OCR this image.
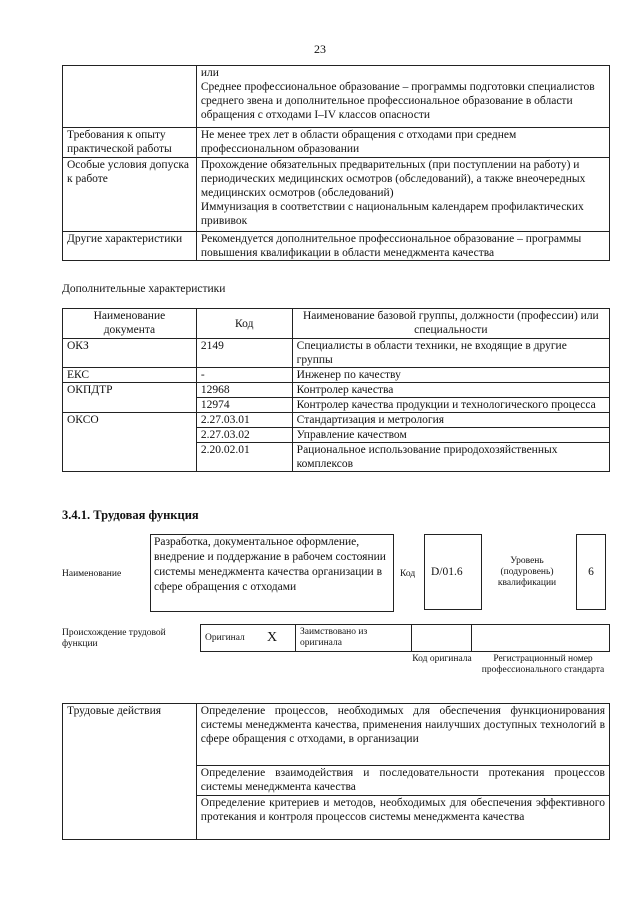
23

	или
Среднее профессиональное образование – программы подготовки специалистов среднего звена и дополнительное профессиональное образование в области обращения с отходами I–IV классов опасности

Требования к опыту практической работы	Не менее трех лет в области обращения с отходами при среднем профессиональном образовании
Особые условия допуска к работе	Прохождение обязательных предварительных (при поступлении на работу) и периодических медицинских осмотров (обследований), а также внеочередных медицинских осмотров (обследований)
Иммунизация в соответствии с национальным календарем профилактических прививок

Другие характеристики	Рекомендуется дополнительное профессиональное образование – программы повышения квалификации в области менеджмента качества
Дополнительные характеристики
Наименование документа	Код	Наименование базовой группы, должности (профессии) или специальности
ОКЗ	2149	Специалисты в области техники, не входящие в другие группы
ЕКС	-	Инженер по качеству
ОКПДТР	12968	Контролер качества
	12974	Контролер качества продукции и технологического процесса
ОКСО	2.27.03.01	Стандартизация и метрология
	2.27.03.02	Управление качеством
	2.20.02.01	Рациональное использование природохозяйственных комплексов
3.4.1. Трудовая функция
Наименование
Разработка, документальное оформление, внедрение и поддержание в рабочем состоянии системы менеджмента качества организации в сфере обращения с отходами
Код	D/01.6
Уровень (подуровень) квалификации
6
Происхождение трудовой функции
Оригинал X	Заимствовано из оригинала
Код оригинала	Регистрационный номер профессионального стандарта
Трудовые действия	Определение процессов, необходимых для обеспечения функционирования системы менеджмента качества, применения наилучших доступных технологий в сфере обращения с отходами, в организации
Определение взаимодействия и последовательности протекания процессов системы менеджмента качества
Определение критериев и методов, необходимых для обеспечения эффективного протекания и контроля процессов системы менеджмента качества
